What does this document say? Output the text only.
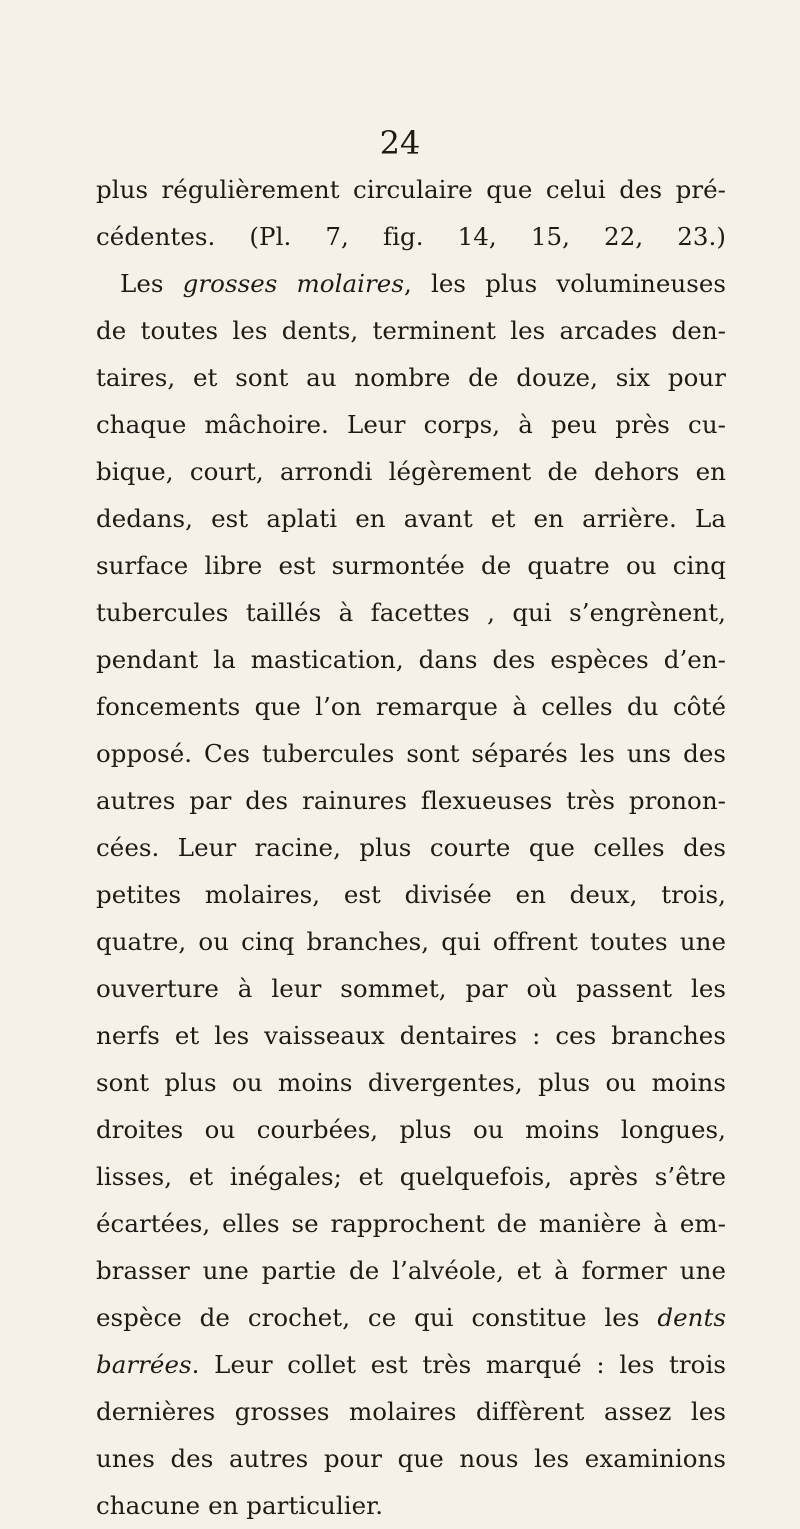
24
plus régulièrement circulaire que celui des pré-
cédentes. (Pl. 7, fig. 14, 15, 22, 23.)
Les grosses molaires, les plus volumineuses
de toutes les dents, terminent les arcades den-
taires, et sont au nombre de douze, six pour
chaque mâchoire. Leur corps, à peu près cu-
bique, court, arrondi légèrement de dehors en
dedans, est aplati en avant et en arrière. La
surface libre est surmontée de quatre ou cinq
tubercules taillés à facettes , qui s’engrènent,
pendant la mastication, dans des espèces d’en-
foncements que l’on remarque à celles du côté
opposé. Ces tubercules sont séparés les uns des
autres par des rainures flexueuses très pronon-
cées. Leur racine, plus courte que celles des
petites molaires, est divisée en deux, trois,
quatre, ou cinq branches, qui offrent toutes une
ouverture à leur sommet, par où passent les
nerfs et les vaisseaux dentaires : ces branches
sont plus ou moins divergentes, plus ou moins
droites ou courbées, plus ou moins longues,
lisses, et inégales; et quelquefois, après s’être
écartées, elles se rapprochent de manière à em-
brasser une partie de l’alvéole, et à former une
espèce de crochet, ce qui constitue les dents
barrées. Leur collet est très marqué : les trois
dernières grosses molaires diffèrent assez les
unes des autres pour que nous les examinions
chacune en particulier.
